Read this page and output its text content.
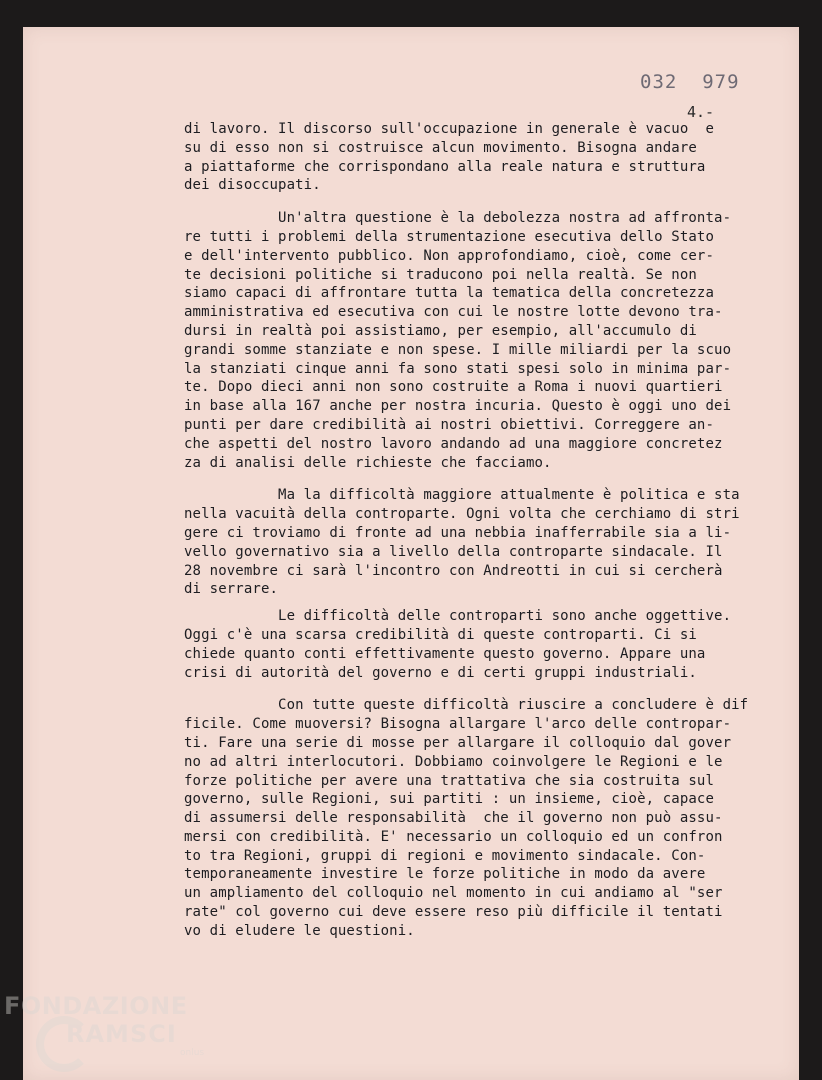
032  979

4.-

di lavoro. Il discorso sull'occupazione in generale è vacuo  e
su di esso non si costruisce alcun movimento. Bisogna andare
a piattaforme che corrispondano alla reale natura e struttura
dei disoccupati.

Un'altra questione è la debolezza nostra ad affronta-
re tutti i problemi della strumentazione esecutiva dello Stato
e dell'intervento pubblico. Non approfondiamo, cioè, come cer-
te decisioni politiche si traducono poi nella realtà. Se non
siamo capaci di affrontare tutta la tematica della concretezza
amministrativa ed esecutiva con cui le nostre lotte devono tra-
dursi in realtà poi assistiamo, per esempio, all'accumulo di
grandi somme stanziate e non spese. I mille miliardi per la scuo
la stanziati cinque anni fa sono stati spesi solo in minima par-
te. Dopo dieci anni non sono costruite a Roma i nuovi quartieri
in base alla 167 anche per nostra incuria. Questo è oggi uno dei
punti per dare credibilità ai nostri obiettivi. Correggere an-
che aspetti del nostro lavoro andando ad una maggiore concretez
za di analisi delle richieste che facciamo.

Ma la difficoltà maggiore attualmente è politica e sta
nella vacuità della controparte. Ogni volta che cerchiamo di stri
gere ci troviamo di fronte ad una nebbia inafferrabile sia a li-
vello governativo sia a livello della controparte sindacale. Il
28 novembre ci sarà l'incontro con Andreotti in cui si cercherà
di serrare.

Le difficoltà delle controparti sono anche oggettive.
Oggi c'è una scarsa credibilità di queste controparti. Ci si
chiede quanto conti effettivamente questo governo. Appare una
crisi di autorità del governo e di certi gruppi industriali.

Con tutte queste difficoltà riuscire a concludere è dif
ficile. Come muoversi? Bisogna allargare l'arco delle contropar-
ti. Fare una serie di mosse per allargare il colloquio dal gover
no ad altri interlocutori. Dobbiamo coinvolgere le Regioni e le
forze politiche per avere una trattativa che sia costruita sul
governo, sulle Regioni, sui partiti : un insieme, cioè, capace
di assumersi delle responsabilità  che il governo non può assu-
mersi con credibilità. E' necessario un colloquio ed un confron
to tra Regioni, gruppi di regioni e movimento sindacale. Con-
temporaneamente investire le forze politiche in modo da avere
un ampliamento del colloquio nel momento in cui andiamo al "ser
rate" col governo cui deve essere reso più difficile il tentati
vo di eludere le questioni.

FONDAZIONE

RAMSCI

onlus
